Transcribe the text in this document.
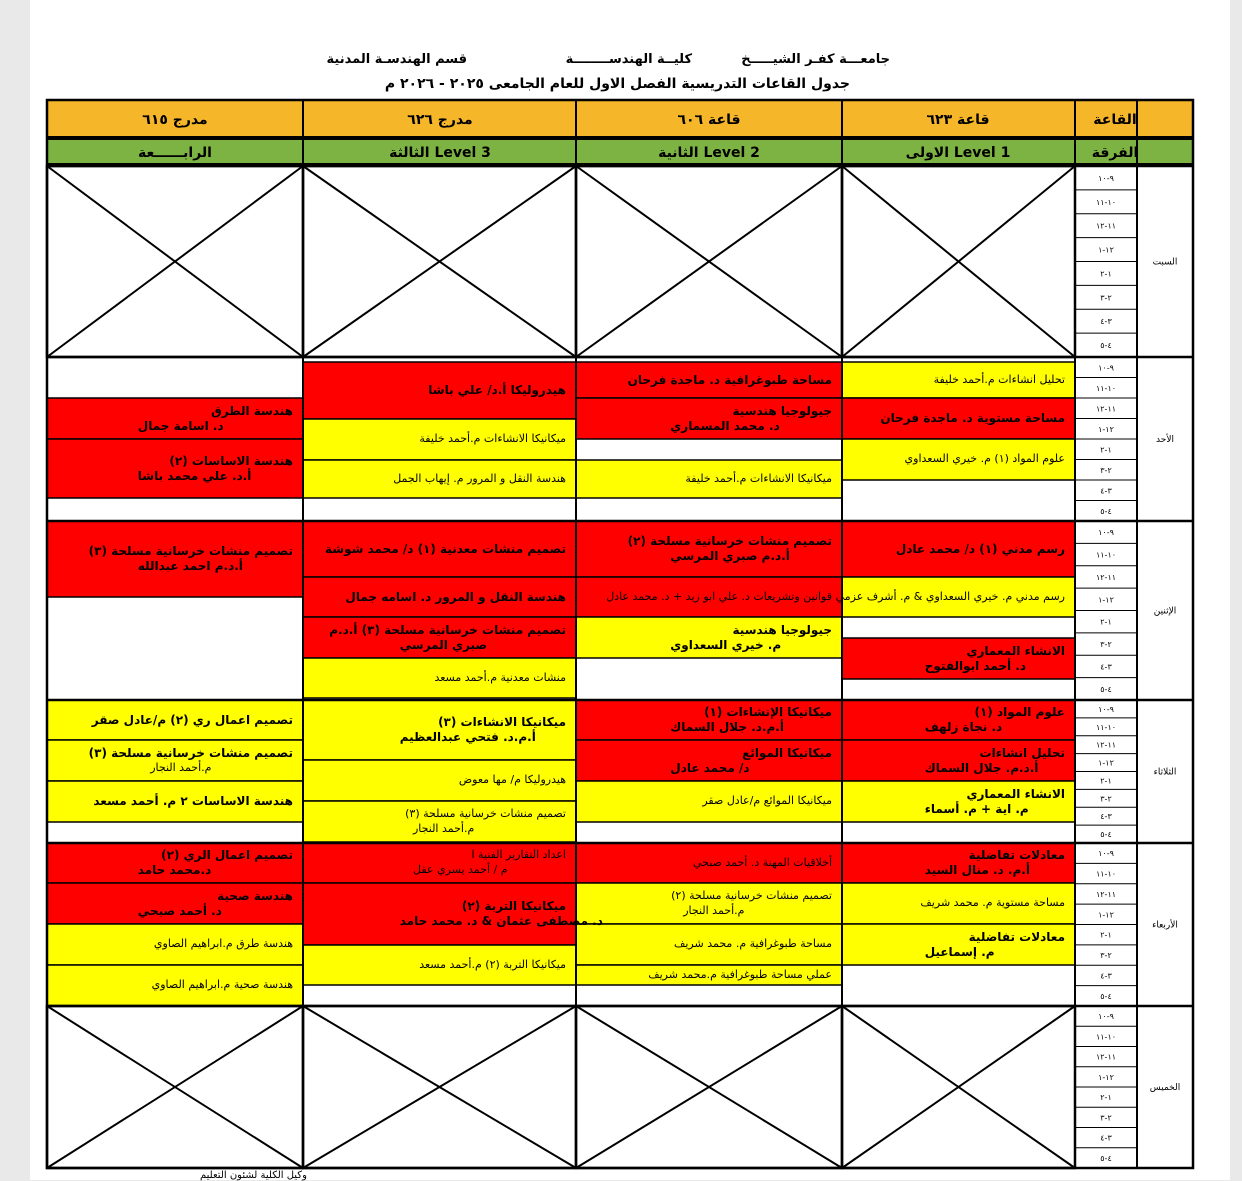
جامعـــة كفـر الشيـــــخ
كليــة الهندســــــــة
قسم الهندسـة المدنية
جدول القاعات التدريسية الفصل الاول للعام الجامعى ٢٠٢٥ - ٢٠٢٦ م
٩-١٠
١٠-١١
١١-١٢
١٢-١
١-٢
٢-٣
٣-٤
٤-٥
السبت
٩-١٠
١٠-١١
١١-١٢
١٢-١
١-٢
٢-٣
٣-٤
٤-٥
الأحد
٩-١٠
١٠-١١
١١-١٢
١٢-١
١-٢
٢-٣
٣-٤
٤-٥
الإثنين
٩-١٠
١٠-١١
١١-١٢
١٢-١
١-٢
٢-٣
٣-٤
٤-٥
الثلاثاء
٩-١٠
١٠-١١
١١-١٢
١٢-١
١-٢
٢-٣
٣-٤
٤-٥
الأربعاء
٩-١٠
١٠-١١
١١-١٢
١٢-١
١-٢
٢-٣
٣-٤
٤-٥
الخميس
قاعة ٦٢٣
قاعة ٦٠٦
مدرج ٦٢٦
مدرج ٦١٥
الاولى Level 1
الثانية Level 2
الثالثة Level 3
الرابــــــعة
القاعة
الفرقة
تحليل انشاءات م.أحمد خليفة
مساحة مستوية د. ماجدة فرحان
علوم المواد (١) م. خيري السعداوي
مساحة طبوغرافية د. ماجدة فرحان
جيولوجيا هندسية
د. محمد المسماري
ميكانيكا الانشاءات م.أحمد خليفة
هيدروليكا أ.د/ علي باشا
ميكانيكا الانشاءات م.أحمد خليفة
هندسة النقل و المرور م. إيهاب الجمل
هندسة الطرق
د. اسامة جمال
هندسة الاساسات (٢)
أ.د. علي محمد باشا
رسم مدني (١) د/ محمد عادل
رسم مدني م. خيري السعداوي & م. أشرف عزمي
الانشاء المعماري
د. أحمد ابوالفتوح
تصميم منشات خرسانية مسلحة (٢)
أ.د.م صبري المرسي
قوانين وتشريعات د. علي ابو زيد + د. محمد عادل
جيولوجيا هندسية
م. خيري السعداوي
تصميم منشات معدنية (١) د/ محمد شوشة
هندسة النقل و المرور د. اسامه جمال
تصميم منشات خرسانية مسلحة (٣) أ.د.م
صبري المرسي
منشات معدنية م.أحمد مسعد
تصميم منشات خرسانية مسلحة (٣)
أ.د.م احمد عبدالله
علوم المواد (١)
د. نجاة زلهف
تحليل انشاءات
أ.د.م. جلال السماك
الانشاء المعماري
م. اية + م. أسماء
ميكانيكا الإنشاءات (١)
أ.م.د. جلال السماك
ميكانيكا الموائع
د/ محمد عادل
ميكانيكا الموائع م/عادل صقر
ميكانيكا الانشاءات (٣)
أ.م.د. فتحي عبدالعظيم
هيدروليكا م/ مها معوض
تصميم منشات خرسانية مسلحة (٣)
م.أحمد النجار
تصميم اعمال ري (٢) م/عادل صقر
تصميم منشات خرسانية مسلحة (٣)
م.أحمد النجار
هندسة الاساسات ٢ م. أحمد مسعد
معادلات تفاضلية
أ.م. د. منال السيد
مساحة مستوية م. محمد شريف
معادلات تفاضلية
م. إسماعيل
أخلاقيات المهنة د. أحمد صبحي
تصميم منشات خرسانية مسلحة (٢)
م.أحمد النجار
مساحة طبوغرافية م. محمد شريف
عملي مساحة طبوغرافية م.محمد شريف
اعداد التقارير الفنية ا
م / أحمد يسري عقل
ميكانيكا التربة (٢)
د. مصطفى عثمان & د. محمد حامد
ميكانيكا التربة (٢) م.أحمد مسعد
تصميم اعمال الري (٢)
د.محمد حامد
هندسة صحية
د. أحمد صبحي
هندسة طرق م.ابراهيم الصاوي
هندسة صحية م.ابراهيم الصاوي
وكيل الكلية لشئون التعليم
